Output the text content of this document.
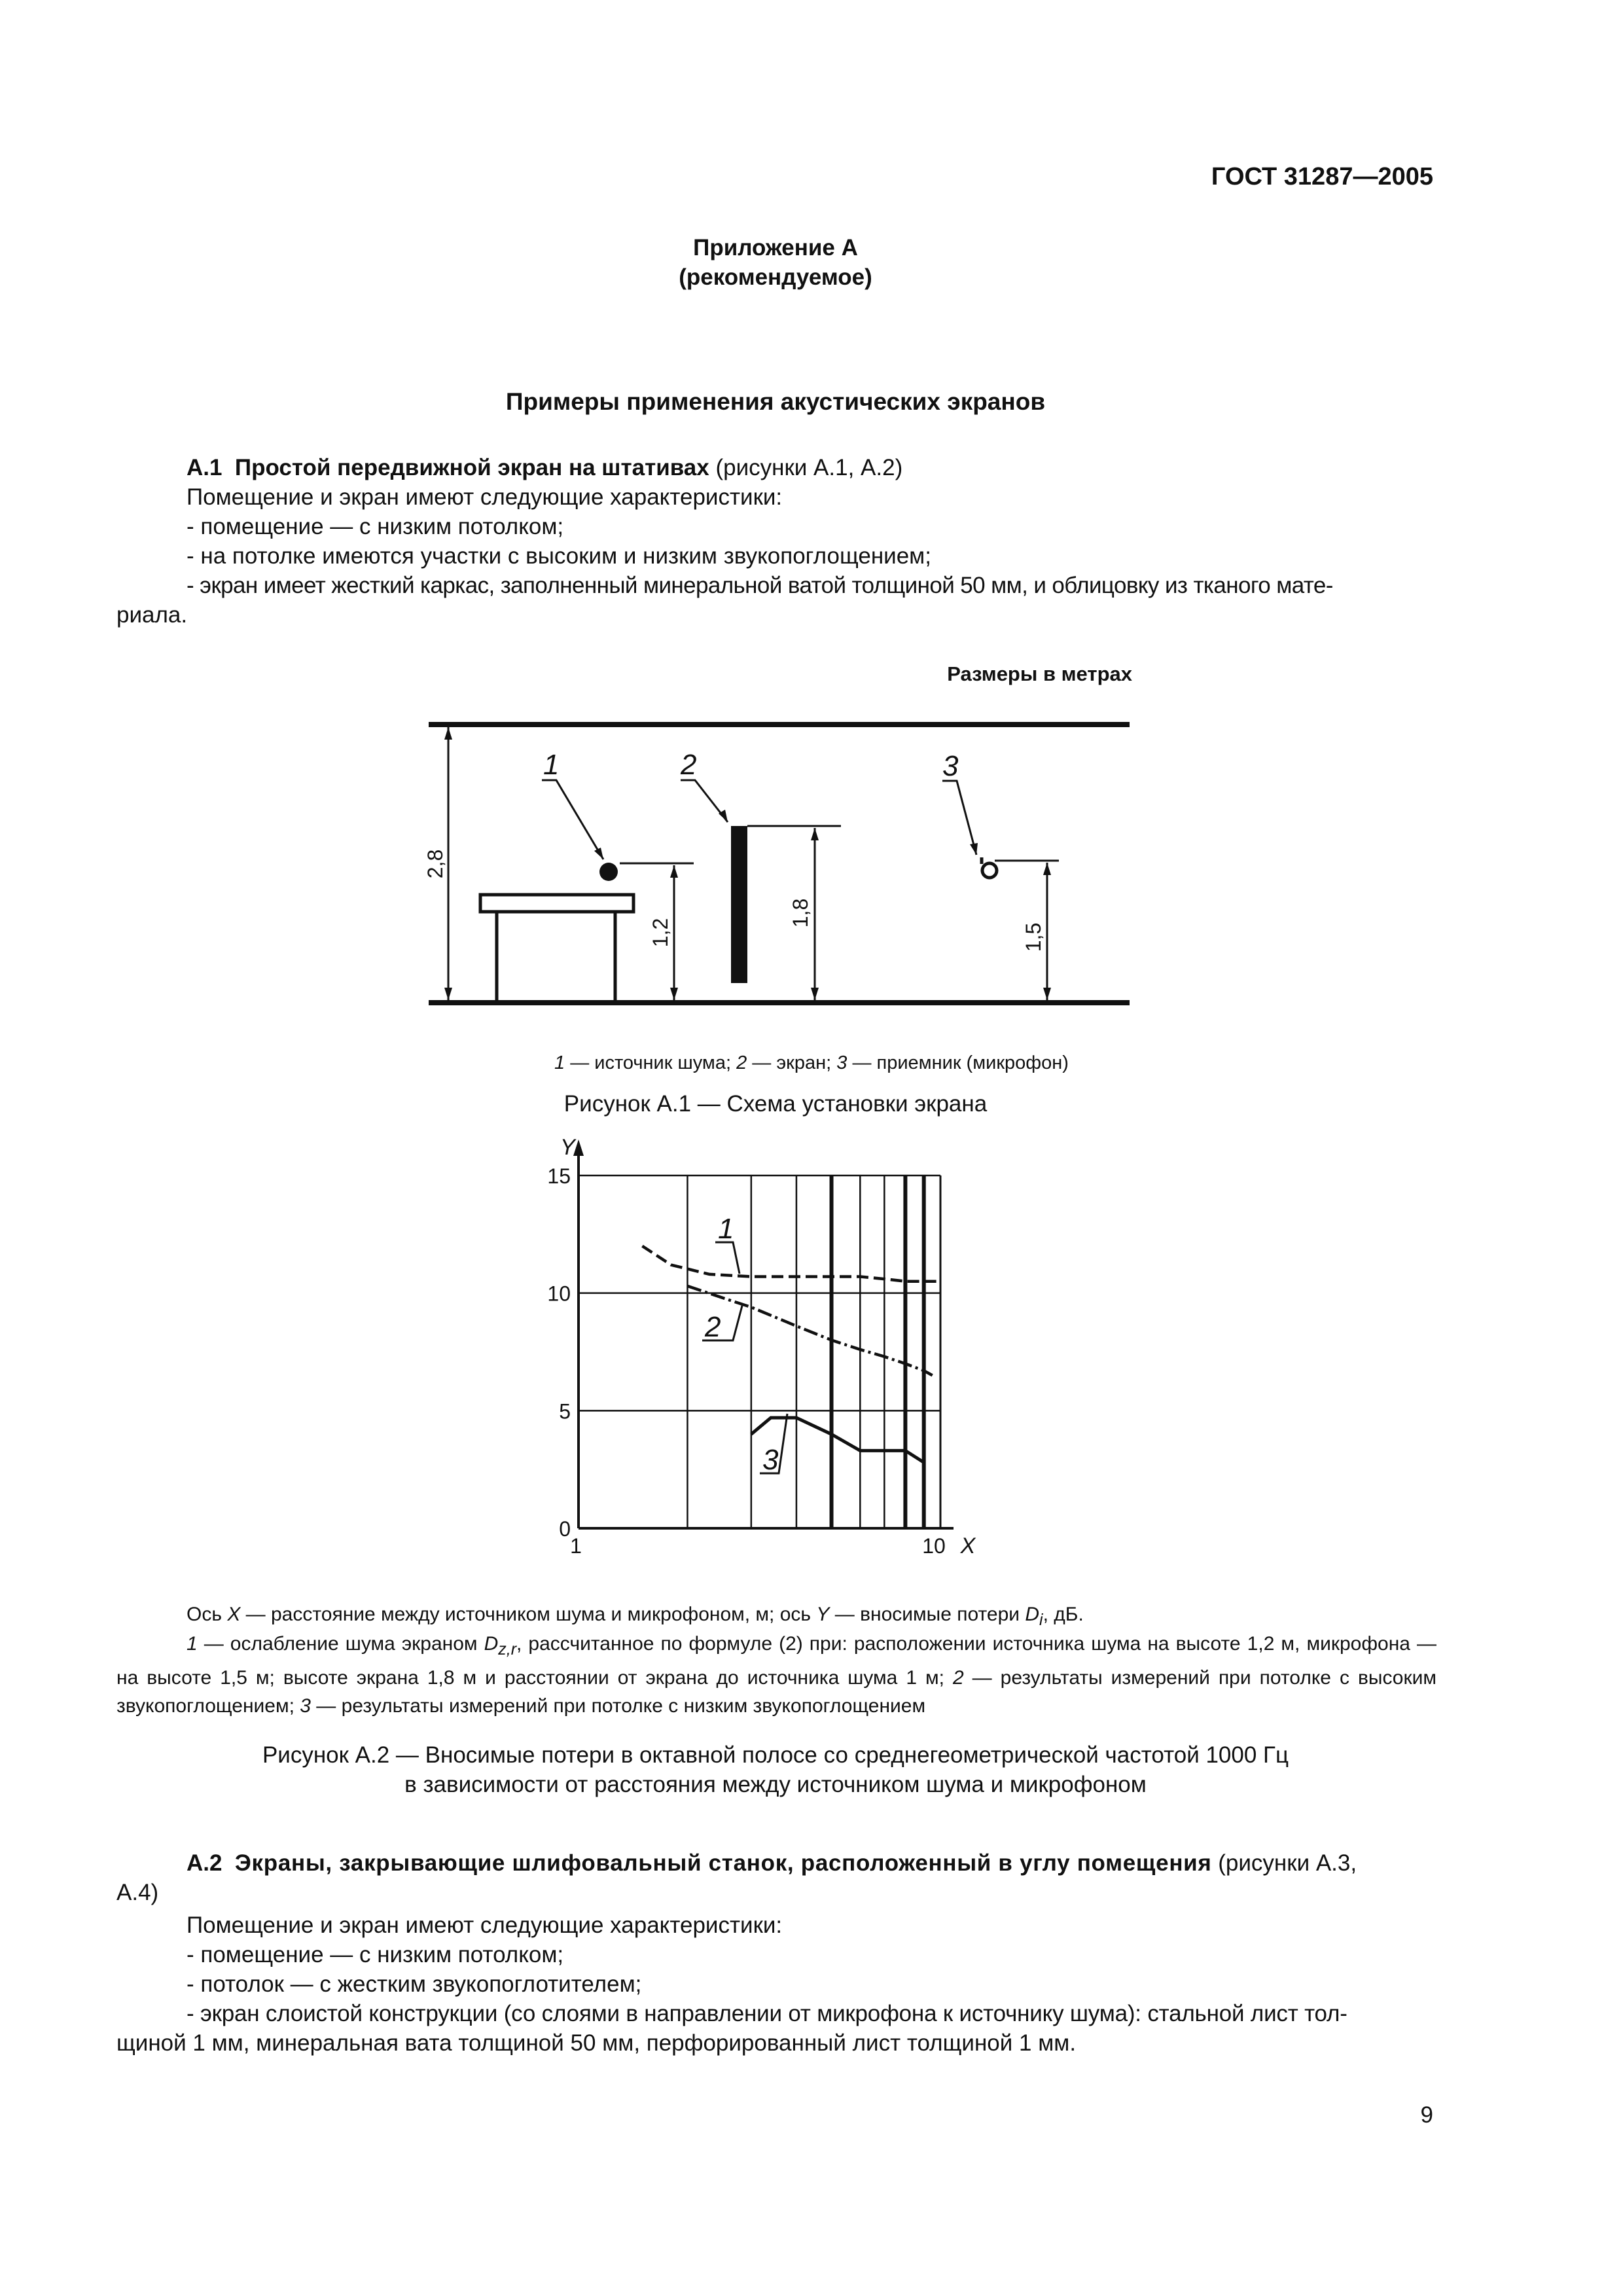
ГОСТ 31287—2005
Приложение А
(рекомендуемое)
Примеры применения акустических экранов
А.1 Простой передвижной экран на штативах (рисунки А.1, А.2)
Помещение и экран имеют следующие характеристики:
- помещение — с низким потолком;
- на потолке имеются участки с высоким и низким звукопоглощением;
- экран имеет жесткий каркас, заполненный минеральной ватой толщиной 50 мм, и облицовку из тканого мате-
риала.
Размеры в метрах
2,8
1,2
1
1,8
2
1,5
3
1 — источник шума; 2 — экран; 3 — приемник (микрофон)
Рисунок А.1 — Схема установки экрана
0
5
10
15
1	10
Y
X
1
2
3
Ось X — расстояние между источником шума и микрофоном, м; ось Y — вносимые потери $D_i$, дБ.
1 — ослабление шума экраном $D_{z,r}$, рассчитанное по формуле (2) при: расположении источника шума на высоте 1,2 м, микрофона — на высоте 1,5 м; высоте экрана 1,8 м и расстоянии от экрана до источника шума 1 м; 2 — результаты измерений при потолке с высоким звукопоглощением; 3 — результаты измерений при потолке с низким звукопоглощением
Рисунок А.2 — Вносимые потери в октавной полосе со среднегеометрической частотой 1000 Гц
в зависимости от расстояния между источником шума и микрофоном
А.2 Экраны, закрывающие шлифовальный станок, расположенный в углу помещения (рисунки А.3,
А.4)
Помещение и экран имеют следующие характеристики:
- помещение — с низким потолком;
- потолок — с жестким звукопоглотителем;
- экран слоистой конструкции (со слоями в направлении от микрофона к источнику шума): стальной лист тол-
щиной 1 мм, минеральная вата толщиной 50 мм, перфорированный лист толщиной 1 мм.
9
